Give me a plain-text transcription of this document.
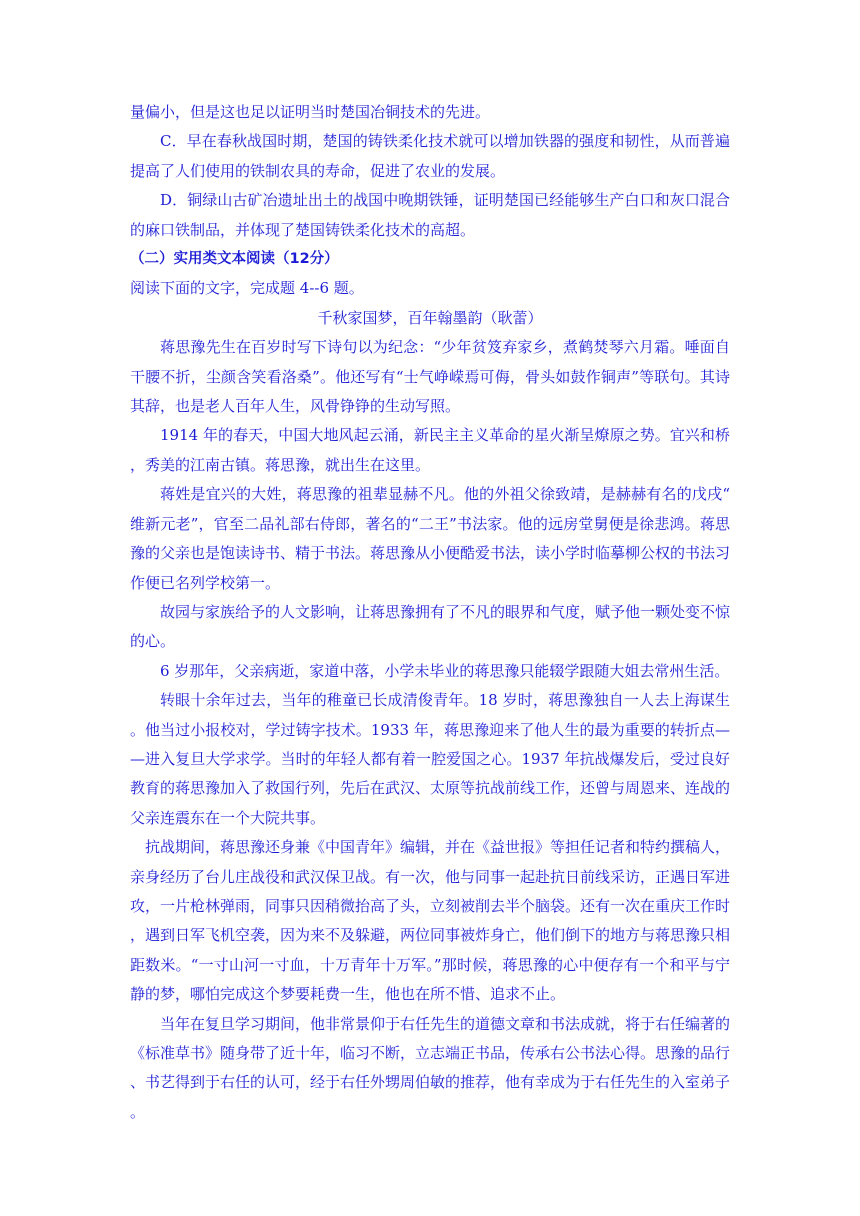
量偏小，但是这也足以证明当时楚国冶铜技术的先进。

C．早在春秋战国时期，楚国的铸铁柔化技术就可以增加铁器的强度和韧性，从而普遍提高了人们使用的铁制农具的寿命，促进了农业的发展。

D．铜绿山古矿冶遗址出土的战国中晚期铁锤，证明楚国已经能够生产白口和灰口混合的麻口铁制品，并体现了楚国铸铁柔化技术的高超。

（二）实用类文本阅读（12分）

阅读下面的文字，完成题 4--6 题。

千秋家国梦，百年翰墨韵（耿蕾）

蒋思豫先生在百岁时写下诗句以为纪念：“少年贫笈弃家乡，煮鹤焚琴六月霜。唾面自干腰不折，尘颜含笑看洛桑”。他还写有“士气峥嵘焉可侮，骨头如鼓作铜声”等联句。其诗其辞，也是老人百年人生，风骨铮铮的生动写照。

1914 年的春天，中国大地风起云涌，新民主主义革命的星火渐呈燎原之势。宜兴和桥，秀美的江南古镇。蒋思豫，就出生在这里。

蒋姓是宜兴的大姓，蒋思豫的祖辈显赫不凡。他的外祖父徐致靖，是赫赫有名的戊戌“维新元老”，官至二品礼部右侍郎，著名的“二王”书法家。他的远房堂舅便是徐悲鸿。蒋思豫的父亲也是饱读诗书、精于书法。蒋思豫从小便酷爱书法，读小学时临摹柳公权的书法习作便已名列学校第一。

故园与家族给予的人文影响，让蒋思豫拥有了不凡的眼界和气度，赋予他一颗处变不惊的心。

6 岁那年，父亲病逝，家道中落，小学未毕业的蒋思豫只能辍学跟随大姐去常州生活。

转眼十余年过去，当年的稚童已长成清俊青年。18 岁时，蒋思豫独自一人去上海谋生。他当过小报校对，学过铸字技术。1933 年，蒋思豫迎来了他人生的最为重要的转折点——进入复旦大学求学。当时的年轻人都有着一腔爱国之心。1937 年抗战爆发后，受过良好教育的蒋思豫加入了救国行列，先后在武汉、太原等抗战前线工作，还曾与周恩来、连战的父亲连震东在一个大院共事。

抗战期间，蒋思豫还身兼《中国青年》编辑，并在《益世报》等担任记者和特约撰稿人，亲身经历了台儿庄战役和武汉保卫战。有一次，他与同事一起赴抗日前线采访，正遇日军进攻，一片枪林弹雨，同事只因稍微抬高了头，立刻被削去半个脑袋。还有一次在重庆工作时，遇到日军飞机空袭，因为来不及躲避，两位同事被炸身亡，他们倒下的地方与蒋思豫只相距数米。“一寸山河一寸血，十万青年十万军。”那时候，蒋思豫的心中便存有一个和平与宁静的梦，哪怕完成这个梦要耗费一生，他也在所不惜、追求不止。

当年在复旦学习期间，他非常景仰于右任先生的道德文章和书法成就，将于右任编著的《标准草书》随身带了近十年，临习不断，立志端正书品，传承右公书法心得。思豫的品行、书艺得到于右任的认可，经于右任外甥周伯敏的推荐，他有幸成为于右任先生的入室弟子。
